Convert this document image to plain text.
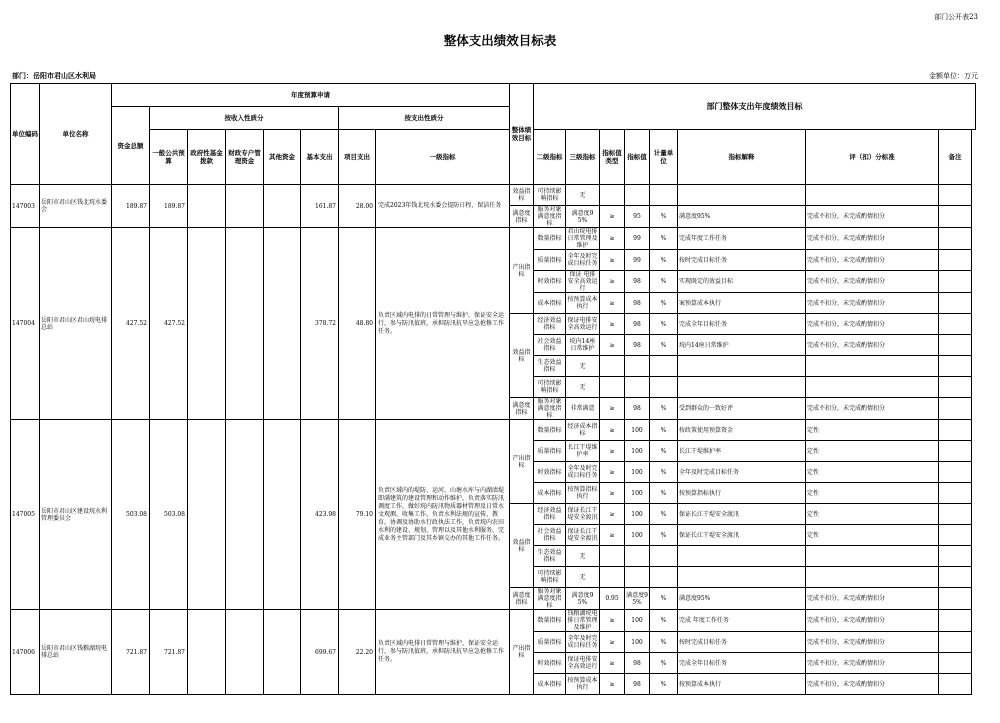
部门公开表23
整体支出绩效目标表
部门：岳阳市君山区水利局	金额单位：万元
单位编码	单位名称	年度预算申请								整体绩效目标	部门整体支出年度绩效目标							
		资金总额	按收入性质分					按支出性质分										
			一般公共预算	政府性基金拨款	财政专户管理资金	其他资金	基本支出	项目支出	一级指标		二级指标	三级指标	指标值类型	指标值	计量单位	指标解释	评（扣）分标准	备注
147003	岳阳市君山区钱北垸水委会	189.87	189.87				161.87	28.00	完成2023年钱北垸水委会提防日程，保洁任务	效益指标	可持续影响指标	无						
										满意度指标	服务对象满意度指标	满意度95%	≥	95	%	满意度95%	完成不扣分，未完成酌情扣分	
147004	岳阳市君山区君山垸电排总站	427.52	427.52				378.72	48.80	负责区域内电排的日常管理与维护，保证安全运行，参与防汛值班，承担防汛抗旱应急抢修工作任务。	产出指标	数量指标	君山垸电排日常管理及维护	≥	99	%	完成年度工作任务	完成不扣分，未完成酌情扣分	
											质量指标	全年及时完成目标任务	≥	99	%	按时完成目标任务	完成不扣分，未完成酌情扣分	
											时效指标	保证 电排安全高效运行	≥	98	%	实现既定的效益目标	完成不扣分，未完成酌情扣分	
											成本指标	按预算成本执行	≥	98	%	案预算成本执行	完成不扣分，未完成酌情扣分	
										效益指标	经济效益指标	保证电排安全高效运行	≥	98	%	完成全年目标任务	完成不扣分，未完成酌情扣分	
											社会效益指标	垸内14座日常维护	≥	98	%	垸内14座日常维护	完成不扣分，未完成酌情扣分	
											生态效益指标	无						
											可持续影响指标	无						
										满意度指标	服务对象满意度指标	非常满意	≥	98	%	受到群众的一致好评	完成不扣分，未完成酌情扣分	
147005	岳阳市君山区建设垸水利管理委员会	503.08	503.08				423.98	79.10	负责区域内的堤防、运河、山塘水库与内湖渍堤即满建筑的建设管理和动作维护，负责落实防汛调度工作，做好垸内防汛物质器材管理及日常水文观测、收集工作，负责水利法规的宣传、教育，协调及协助水行政执法工作，负责垸内农田水利的建设、规划、管理以及其他水利服务，完成业务主管部门及其乡镇交办的其他工作任务。	产出指标	数量指标	经济成本指标	≥	100	%	按政策使用预算资金	定性	
											质量指标	长江干堤维护率	≥	100	%	长江干堤维护率	定性	
											时效指标	全年及时完成目标任务	≥	100	%	全年及时完成目标任务	定性	
											成本指标	按预算指标执行	≥	100	%	按预算指标执行	定性	
										效益指标	经济效益指标	保证长江干堤安全渡汛	≥	100	%	保证长江干堤安全渡汛	定性	
											社会效益指标	保证长江干堤安全渡汛	≥	100	%	保证长江干堤安全渡汛	定性	
											生态效益指标	无						
											可持续影响指标	无						
										满意度指标	服务对象满意度指标	满意度95%	0.95	满意度95%	%	满意度95%	完成不扣分，未完成酌情扣分	
147006	岳阳市君山区钱粮湖垸电排总站	721.87	721.87				699.67	22.20	负责区域内电排日常管理与维护，保证安全运行，参与防汛值班，承担防汛抗旱应急抢修工作任务。	产出指标	数量指标	钱粮湖垸电排日常管理及维护	≥	100	%	完成 年度工作任务	完成不扣分，未完成酌情扣分	
											质量指标	全年及时完成目标任务	≥	100	%	按时完成目标任务	完成不扣分，未完成酌情扣分	
											时效指标	保证电排安全高效运行	≥	98	%	完成全年目标任务	完成不扣分，未完成酌情扣分	
											成本指标	按预算成本执行	≥	98	%	按预算成本执行	完成不扣分，未完成酌情扣分	
